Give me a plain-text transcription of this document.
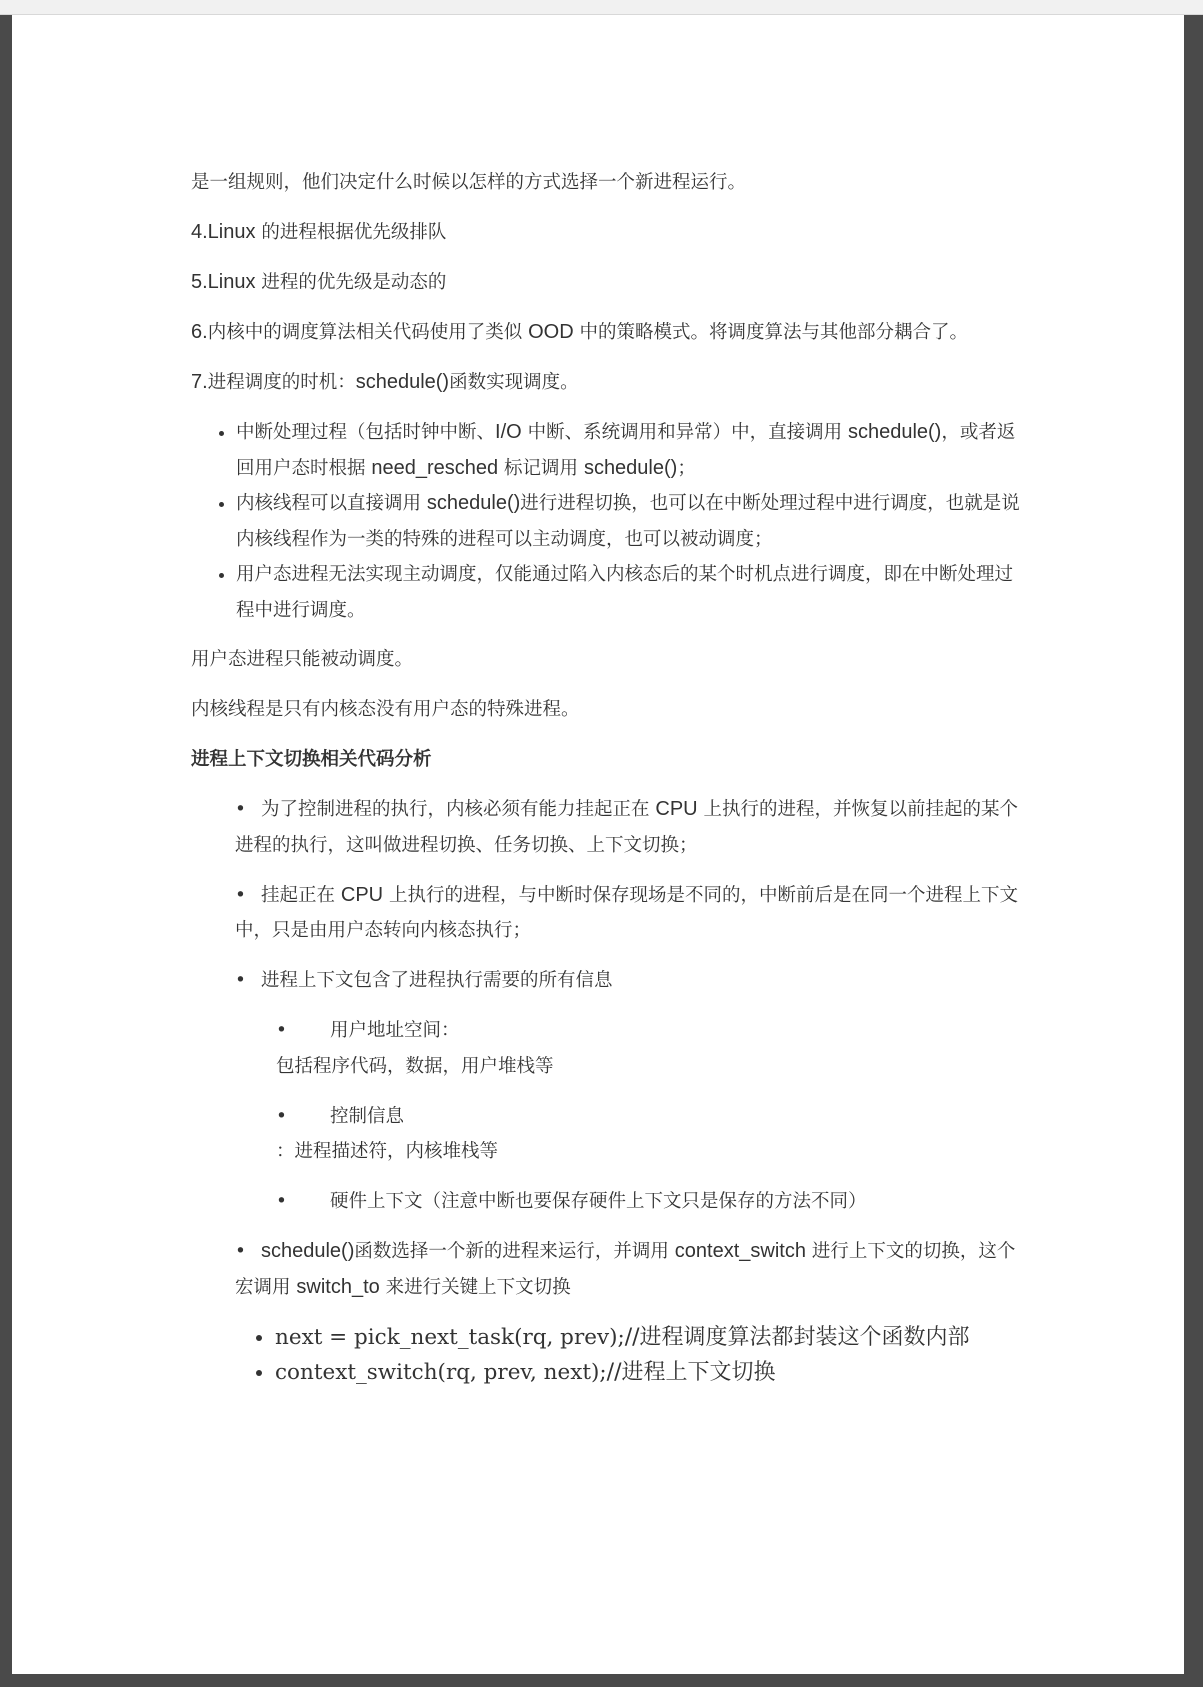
是一组规则，他们决定什么时候以怎样的方式选择一个新进程运行。

4.Linux 的进程根据优先级排队

5.Linux 进程的优先级是动态的

6.内核中的调度算法相关代码使用了类似 OOD 中的策略模式。将调度算法与其他部分耦合了。

7.进程调度的时机：schedule()函数实现调度。

• 中断处理过程（包括时钟中断、I/O 中断、系统调用和异常）中，直接调用 schedule()，或者返回用户态时根据 need_resched 标记调用 schedule()；
• 内核线程可以直接调用 schedule()进行进程切换，也可以在中断处理过程中进行调度，也就是说内核线程作为一类的特殊的进程可以主动调度，也可以被动调度；
• 用户态进程无法实现主动调度，仅能通过陷入内核态后的某个时机点进行调度，即在中断处理过程中进行调度。

用户态进程只能被动调度。

内核线程是只有内核态没有用户态的特殊进程。

进程上下文切换相关代码分析

• 为了控制进程的执行，内核必须有能力挂起正在 CPU 上执行的进程，并恢复以前挂起的某个进程的执行，这叫做进程切换、任务切换、上下文切换；
• 挂起正在 CPU 上执行的进程，与中断时保存现场是不同的，中断前后是在同一个进程上下文中，只是由用户态转向内核态执行；
• 进程上下文包含了进程执行需要的所有信息
• 用户地址空间：
包括程序代码，数据，用户堆栈等
• 控制信息
：进程描述符，内核堆栈等
• 硬件上下文（注意中断也要保存硬件上下文只是保存的方法不同）
• schedule()函数选择一个新的进程来运行，并调用 context_switch 进行上下文的切换，这个宏调用 switch_to 来进行关键上下文切换
• next = pick_next_task(rq, prev);//进程调度算法都封装这个函数内部
• context_switch(rq, prev, next);//进程上下文切换
